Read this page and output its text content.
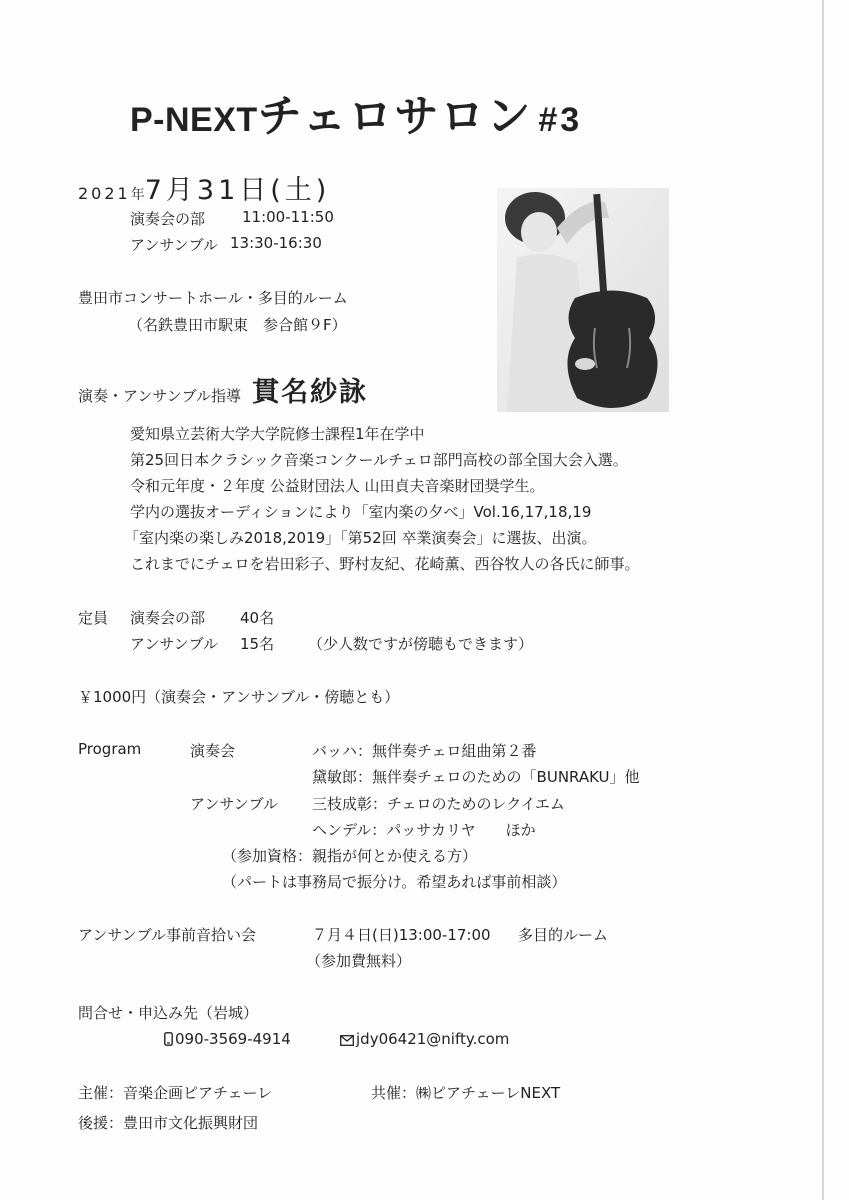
P-NEXTチェロサロン #3
2021年7月31日(土)
演奏会の部 11:00-11:50
アンサンブル 13:30-16:30
豊田市コンサートホール・多目的ルーム
（名鉄豊田市駅東　参合館９F）
演奏・アンサンブル指導 貫名紗詠
愛知県立芸術大学大学院修士課程1年在学中
第25回日本クラシック音楽コンクールチェロ部門高校の部全国大会入選。
令和元年度・２年度 公益財団法人 山田貞夫音楽財団奨学生。
学内の選抜オーディションにより「室内楽の夕べ」Vol.16,17,18,19
「室内楽の楽しみ2018,2019」「第52回 卒業演奏会」に選抜、出演。
これまでにチェロを岩田彩子、野村友紀、花崎薫、西谷牧人の各氏に師事。
定員 演奏会の部 40名
アンサンブル 15名 （少人数ですが傍聴もできます）
￥1000円（演奏会・アンサンブル・傍聴とも）
Program	演奏会	バッハ：無伴奏チェロ組曲第２番
黛敏郎：無伴奏チェロのための「BUNRAKU」他
アンサンブル 三枝成彰：チェロのためのレクイエム
ヘンデル：パッサカリヤ　　ほか
（参加資格：親指が何とか使える方）
（パートは事務局で振分け。希望あれば事前相談）
アンサンブル事前音拾い会	７月４日(日)13:00-17:00 多目的ルーム
（参加費無料）
問合せ・申込み先（岩城）
090-3569-4914	jdy06421@nifty.com
主催：音楽企画ピアチェーレ	共催：㈱ピアチェーレNEXT
後援：豊田市文化振興財団
